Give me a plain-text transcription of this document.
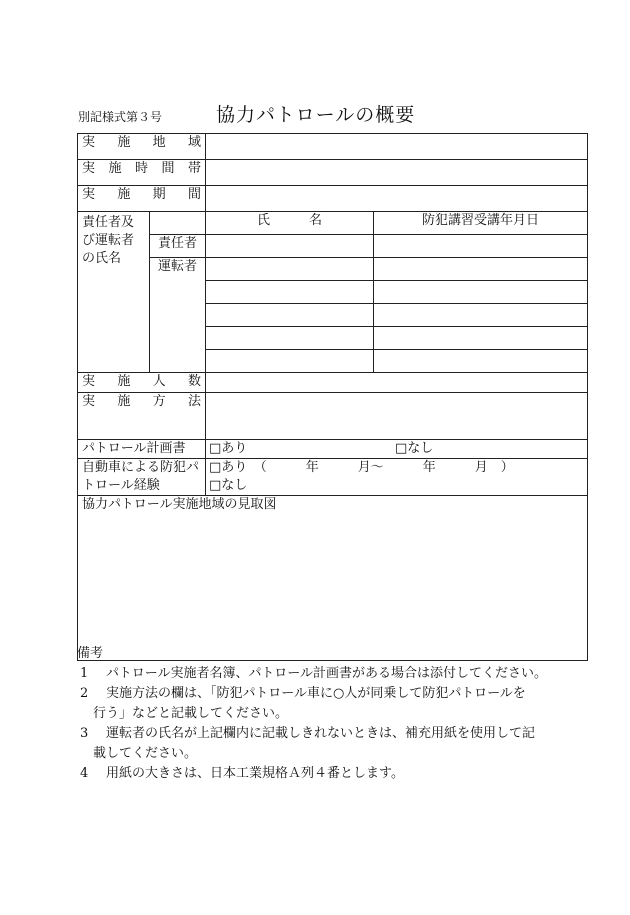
別記様式第３号	協力パトロールの概要
実　施　地　域			
実 施 時 間 帯			
実　施　期　間			
責任者及び運転者の氏名		氏　　　名	防犯講習受講年月日
	責任者		
	運転者		

実　施　人　数			
実　施　方　法			
パトロール計画書		□あり □なし	
自動車による防犯パトロール経験		□あり　（　　　年　　　月～　　　年　　　月　）
□なし	

協力パトロール実施地域の見取図			
備考
1	パトロール実施者名簿、パトロール計画書がある場合は添付してください。
2	実施方法の欄は、「防犯パトロール車に○人が同乗して防犯パトロールを
行う」などと記載してください。
3	運転者の氏名が上記欄内に記載しきれないときは、補充用紙を使用して記
載してください。
4	用紙の大きさは、日本工業規格Ａ列４番とします。
